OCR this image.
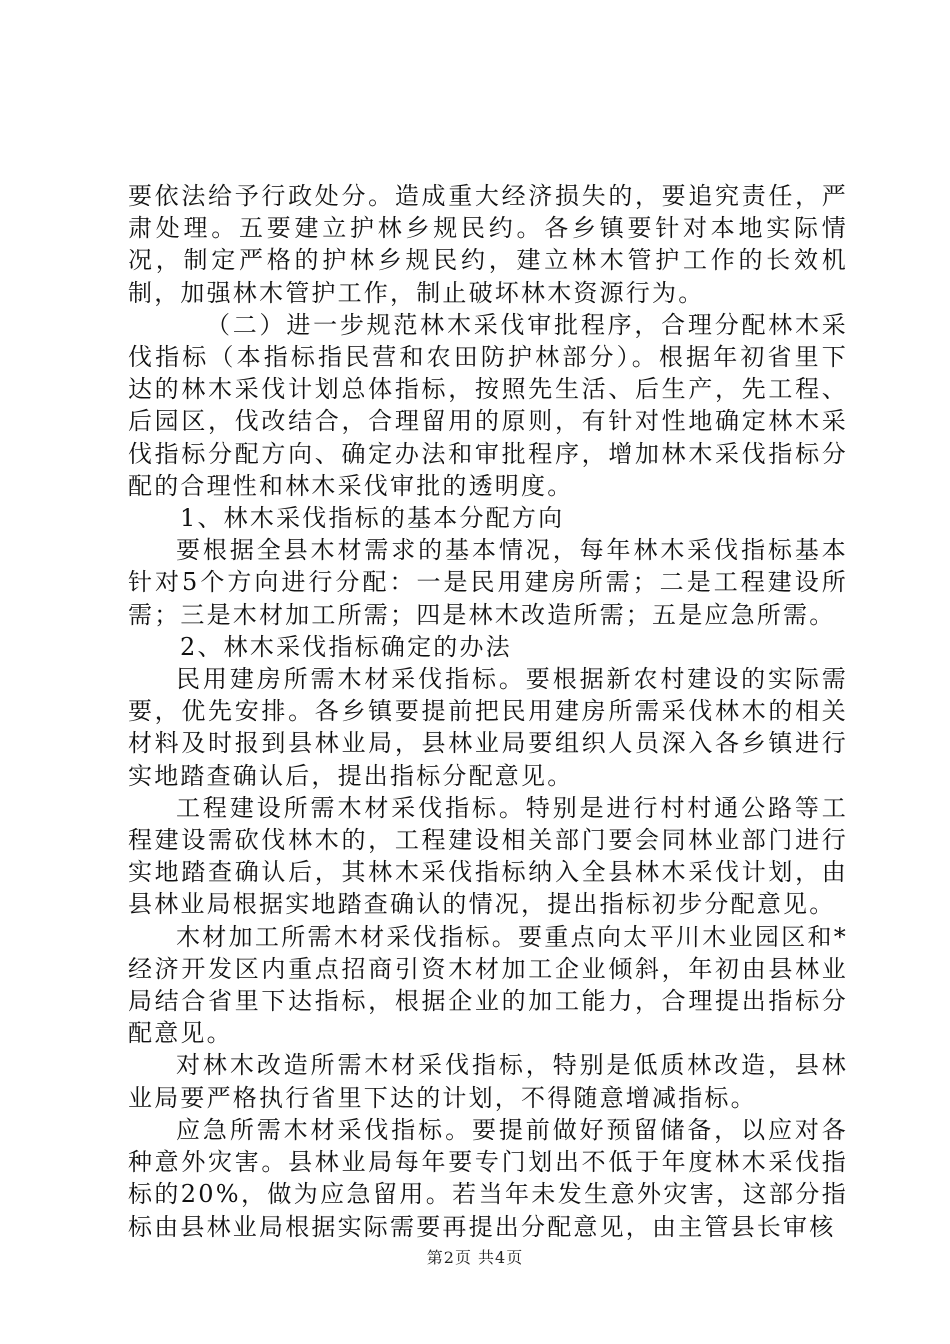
要依法给予行政处分。造成重大经济损失的，要追究责任，严肃处理。五要建立护林乡规民约。各乡镇要针对本地实际情况，制定严格的护林乡规民约，建立林木管护工作的长效机制，加强林木管护工作，制止破坏林木资源行为。

（二）进一步规范林木采伐审批程序，合理分配林木采伐指标（本指标指民营和农田防护林部分）。根据年初省里下达的林木采伐计划总体指标，按照先生活、后生产，先工程、后园区，伐改结合，合理留用的原则，有针对性地确定林木采伐指标分配方向、确定办法和审批程序，增加林木采伐指标分配的合理性和林木采伐审批的透明度。

1、林木采伐指标的基本分配方向

要根据全县木材需求的基本情况，每年林木采伐指标基本针对5个方向进行分配：一是民用建房所需；二是工程建设所需；三是木材加工所需；四是林木改造所需；五是应急所需。

2、林木采伐指标确定的办法

民用建房所需木材采伐指标。要根据新农村建设的实际需要，优先安排。各乡镇要提前把民用建房所需采伐林木的相关材料及时报到县林业局，县林业局要组织人员深入各乡镇进行实地踏查确认后，提出指标分配意见。

工程建设所需木材采伐指标。特别是进行村村通公路等工程建设需砍伐林木的，工程建设相关部门要会同林业部门进行实地踏查确认后，其林木采伐指标纳入全县林木采伐计划，由县林业局根据实地踏查确认的情况，提出指标初步分配意见。

木材加工所需木材采伐指标。要重点向太平川木业园区和*经济开发区内重点招商引资木材加工企业倾斜，年初由县林业局结合省里下达指标，根据企业的加工能力，合理提出指标分配意见。

对林木改造所需木材采伐指标，特别是低质林改造，县林业局要严格执行省里下达的计划，不得随意增减指标。

应急所需木材采伐指标。要提前做好预留储备，以应对各种意外灾害。县林业局每年要专门划出不低于年度林木采伐指标的20%，做为应急留用。若当年未发生意外灾害，这部分指标由县林业局根据实际需要再提出分配意见，由主管县长审核

第2页 共4页
